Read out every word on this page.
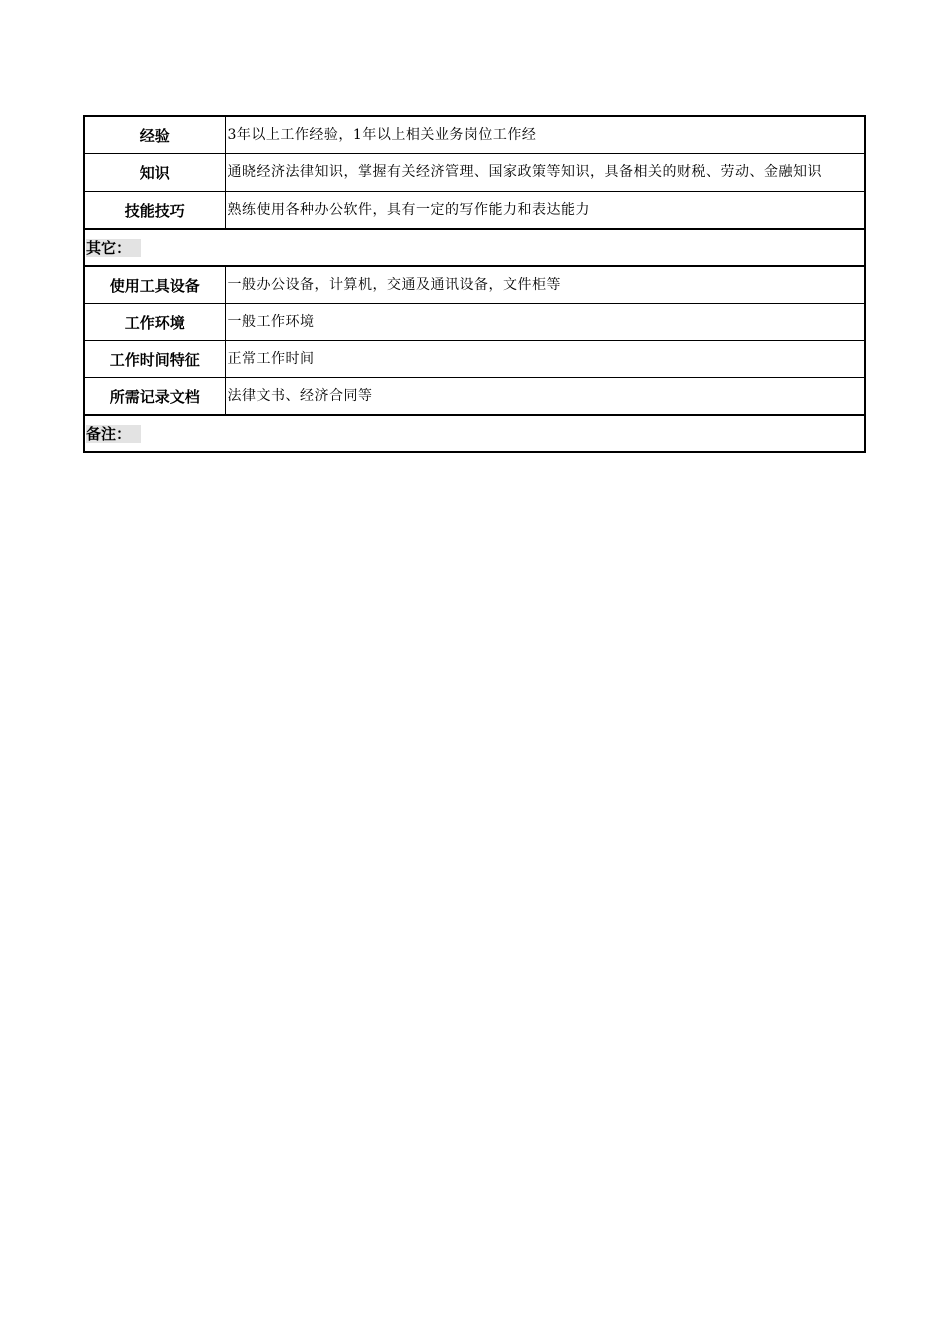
经验	3年以上工作经验，1年以上相关业务岗位工作经
知识	通晓经济法律知识，掌握有关经济管理、国家政策等知识，具备相关的财税、劳动、金融知识
技能技巧	熟练使用各种办公软件，具有一定的写作能力和表达能力
其它：	
使用工具设备	一般办公设备，计算机，交通及通讯设备，文件柜等
工作环境	一般工作环境
工作时间特征	正常工作时间
所需记录文档	法律文书、经济合同等
备注：	
